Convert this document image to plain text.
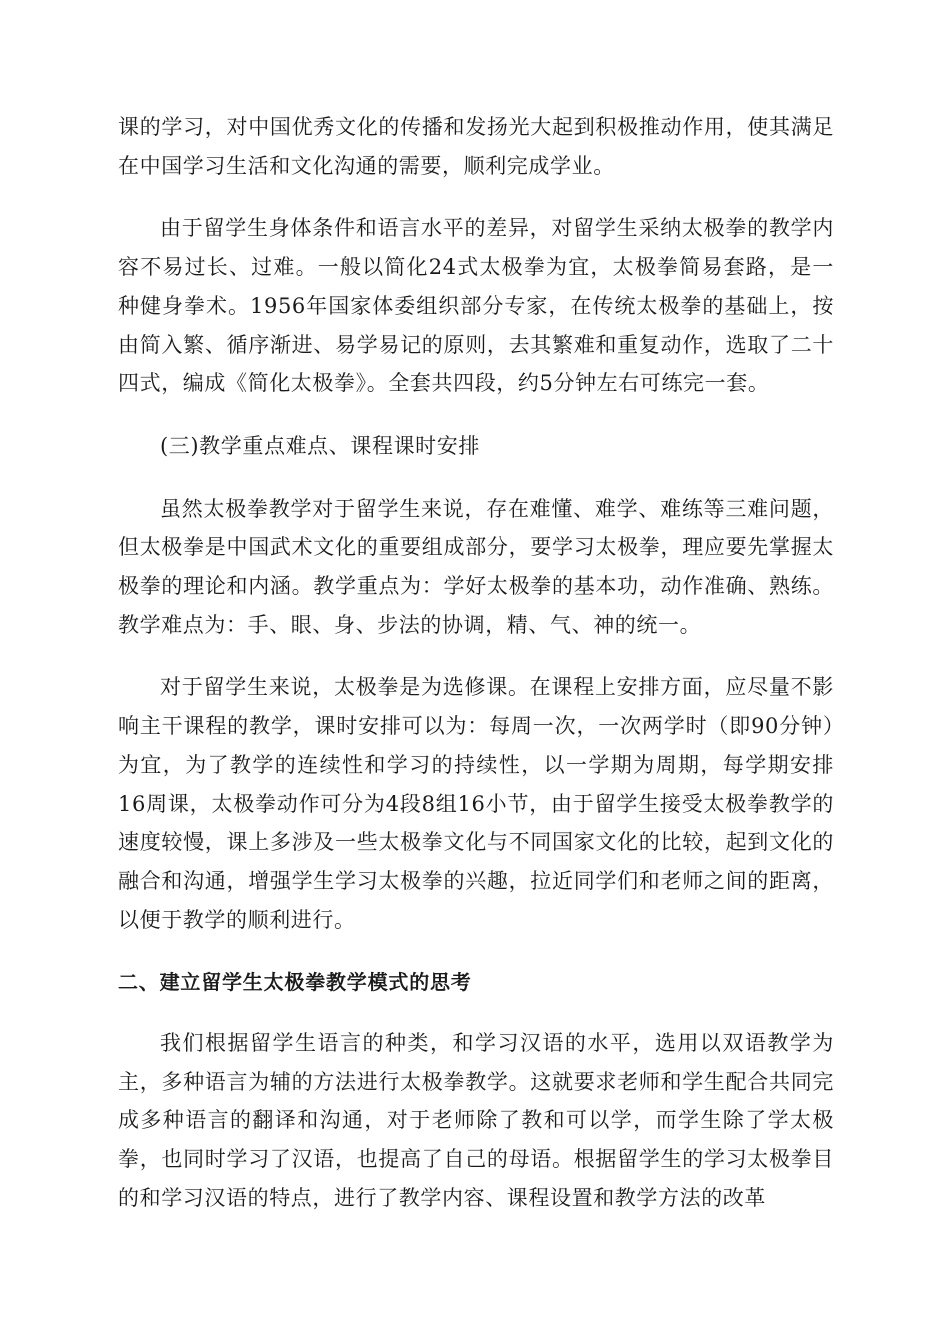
课的学习，对中国优秀文化的传播和发扬光大起到积极推动作用，使其满足在中国学习生活和文化沟通的需要，顺利完成学业。

由于留学生身体条件和语言水平的差异，对留学生采纳太极拳的教学内容不易过长、过难。一般以简化24式太极拳为宜，太极拳简易套路，是一种健身拳术。1956年国家体委组织部分专家，在传统太极拳的基础上，按由简入繁、循序渐进、易学易记的原则，去其繁难和重复动作，选取了二十四式，编成《简化太极拳》。全套共四段，约5分钟左右可练完一套。

(三)教学重点难点、课程课时安排

虽然太极拳教学对于留学生来说，存在难懂、难学、难练等三难问题，但太极拳是中国武术文化的重要组成部分，要学习太极拳，理应要先掌握太极拳的理论和内涵。教学重点为：学好太极拳的基本功，动作准确、熟练。教学难点为：手、眼、身、步法的协调，精、气、神的统一。

对于留学生来说，太极拳是为选修课。在课程上安排方面，应尽量不影响主干课程的教学，课时安排可以为：每周一次，一次两学时（即90分钟）为宜，为了教学的连续性和学习的持续性，以一学期为周期，每学期安排16周课，太极拳动作可分为4段8组16小节，由于留学生接受太极拳教学的速度较慢，课上多涉及一些太极拳文化与不同国家文化的比较，起到文化的融合和沟通，增强学生学习太极拳的兴趣，拉近同学们和老师之间的距离，以便于教学的顺利进行。

二、建立留学生太极拳教学模式的思考

我们根据留学生语言的种类，和学习汉语的水平，选用以双语教学为主，多种语言为辅的方法进行太极拳教学。这就要求老师和学生配合共同完成多种语言的翻译和沟通，对于老师除了教和可以学，而学生除了学太极拳，也同时学习了汉语，也提高了自己的母语。根据留学生的学习太极拳目的和学习汉语的特点，进行了教学内容、课程设置和教学方法的改革
